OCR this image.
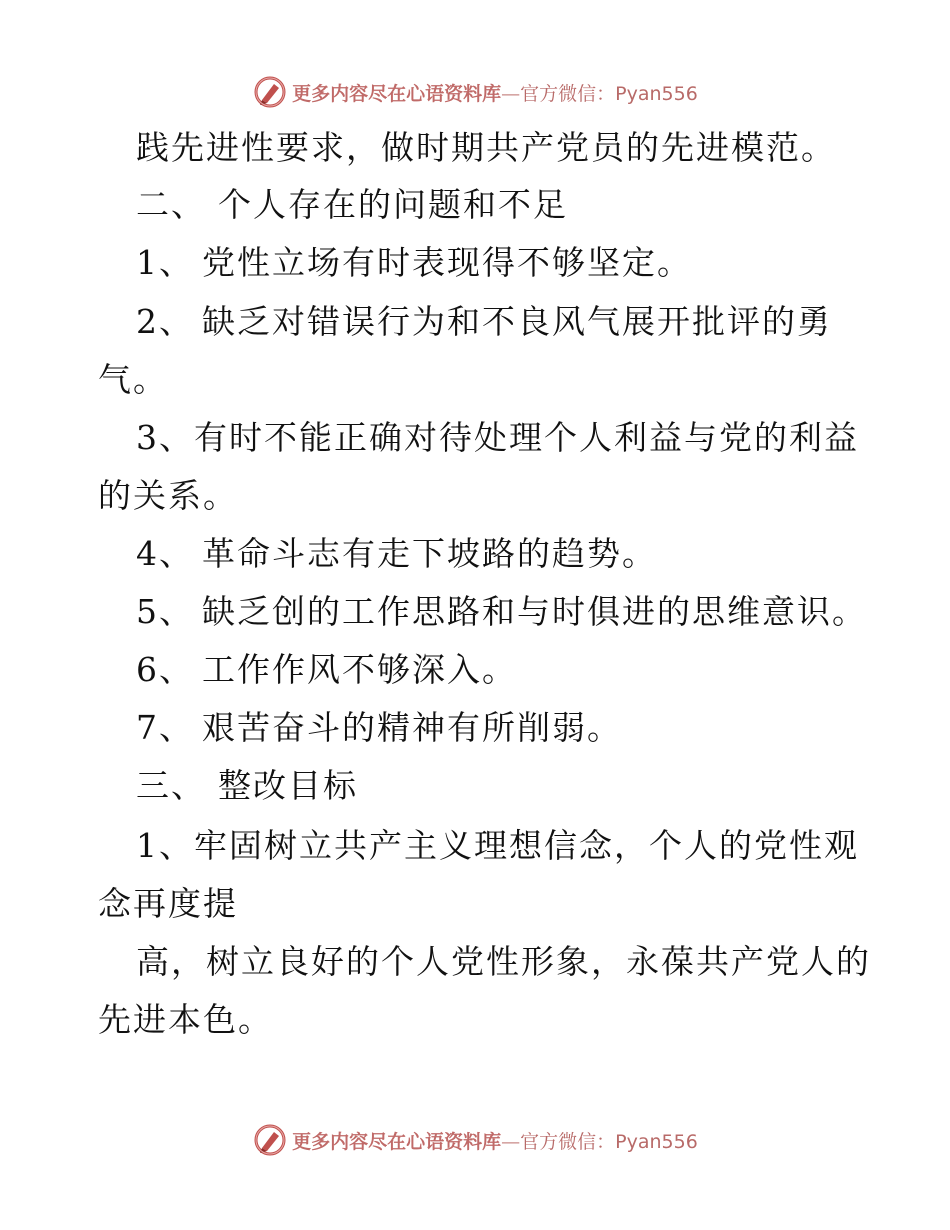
更多内容尽在心语资料库—官方微信：Pyan556
践先进性要求，做时期共产党员的先进模范。
二、 个人存在的问题和不足
1、 党性立场有时表现得不够坚定。
2、 缺乏对错误行为和不良风气展开批评的勇
气。
3、有时不能正确对待处理个人利益与党的利益
的关系。
4、 革命斗志有走下坡路的趋势。
5、 缺乏创的工作思路和与时俱进的思维意识。
6、 工作作风不够深入。
7、 艰苦奋斗的精神有所削弱。
三、 整改目标
1、牢固树立共产主义理想信念，个人的党性观
念再度提
高，树立良好的个人党性形象，永葆共产党人的
先进本色。
更多内容尽在心语资料库—官方微信：Pyan556
